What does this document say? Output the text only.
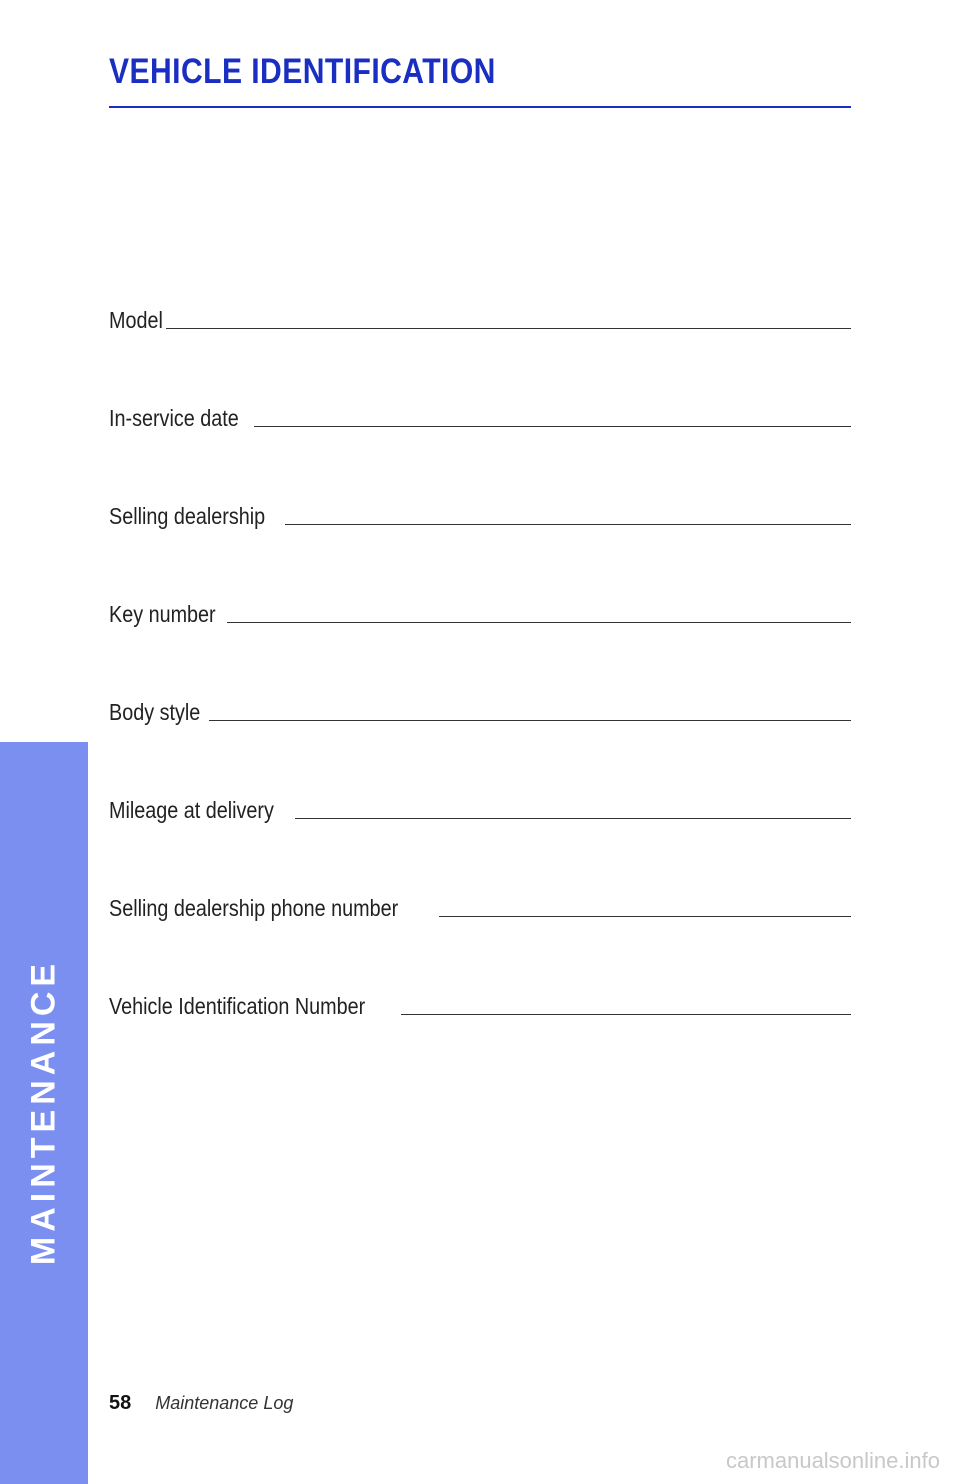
VEHICLE IDENTIFICATION
Model
In-service date
Selling dealership
Key number
Body style
Mileage at delivery
Selling dealership phone number
Vehicle Identification Number
MAINTENANCE
58 Maintenance Log
carmanualsonline.info
